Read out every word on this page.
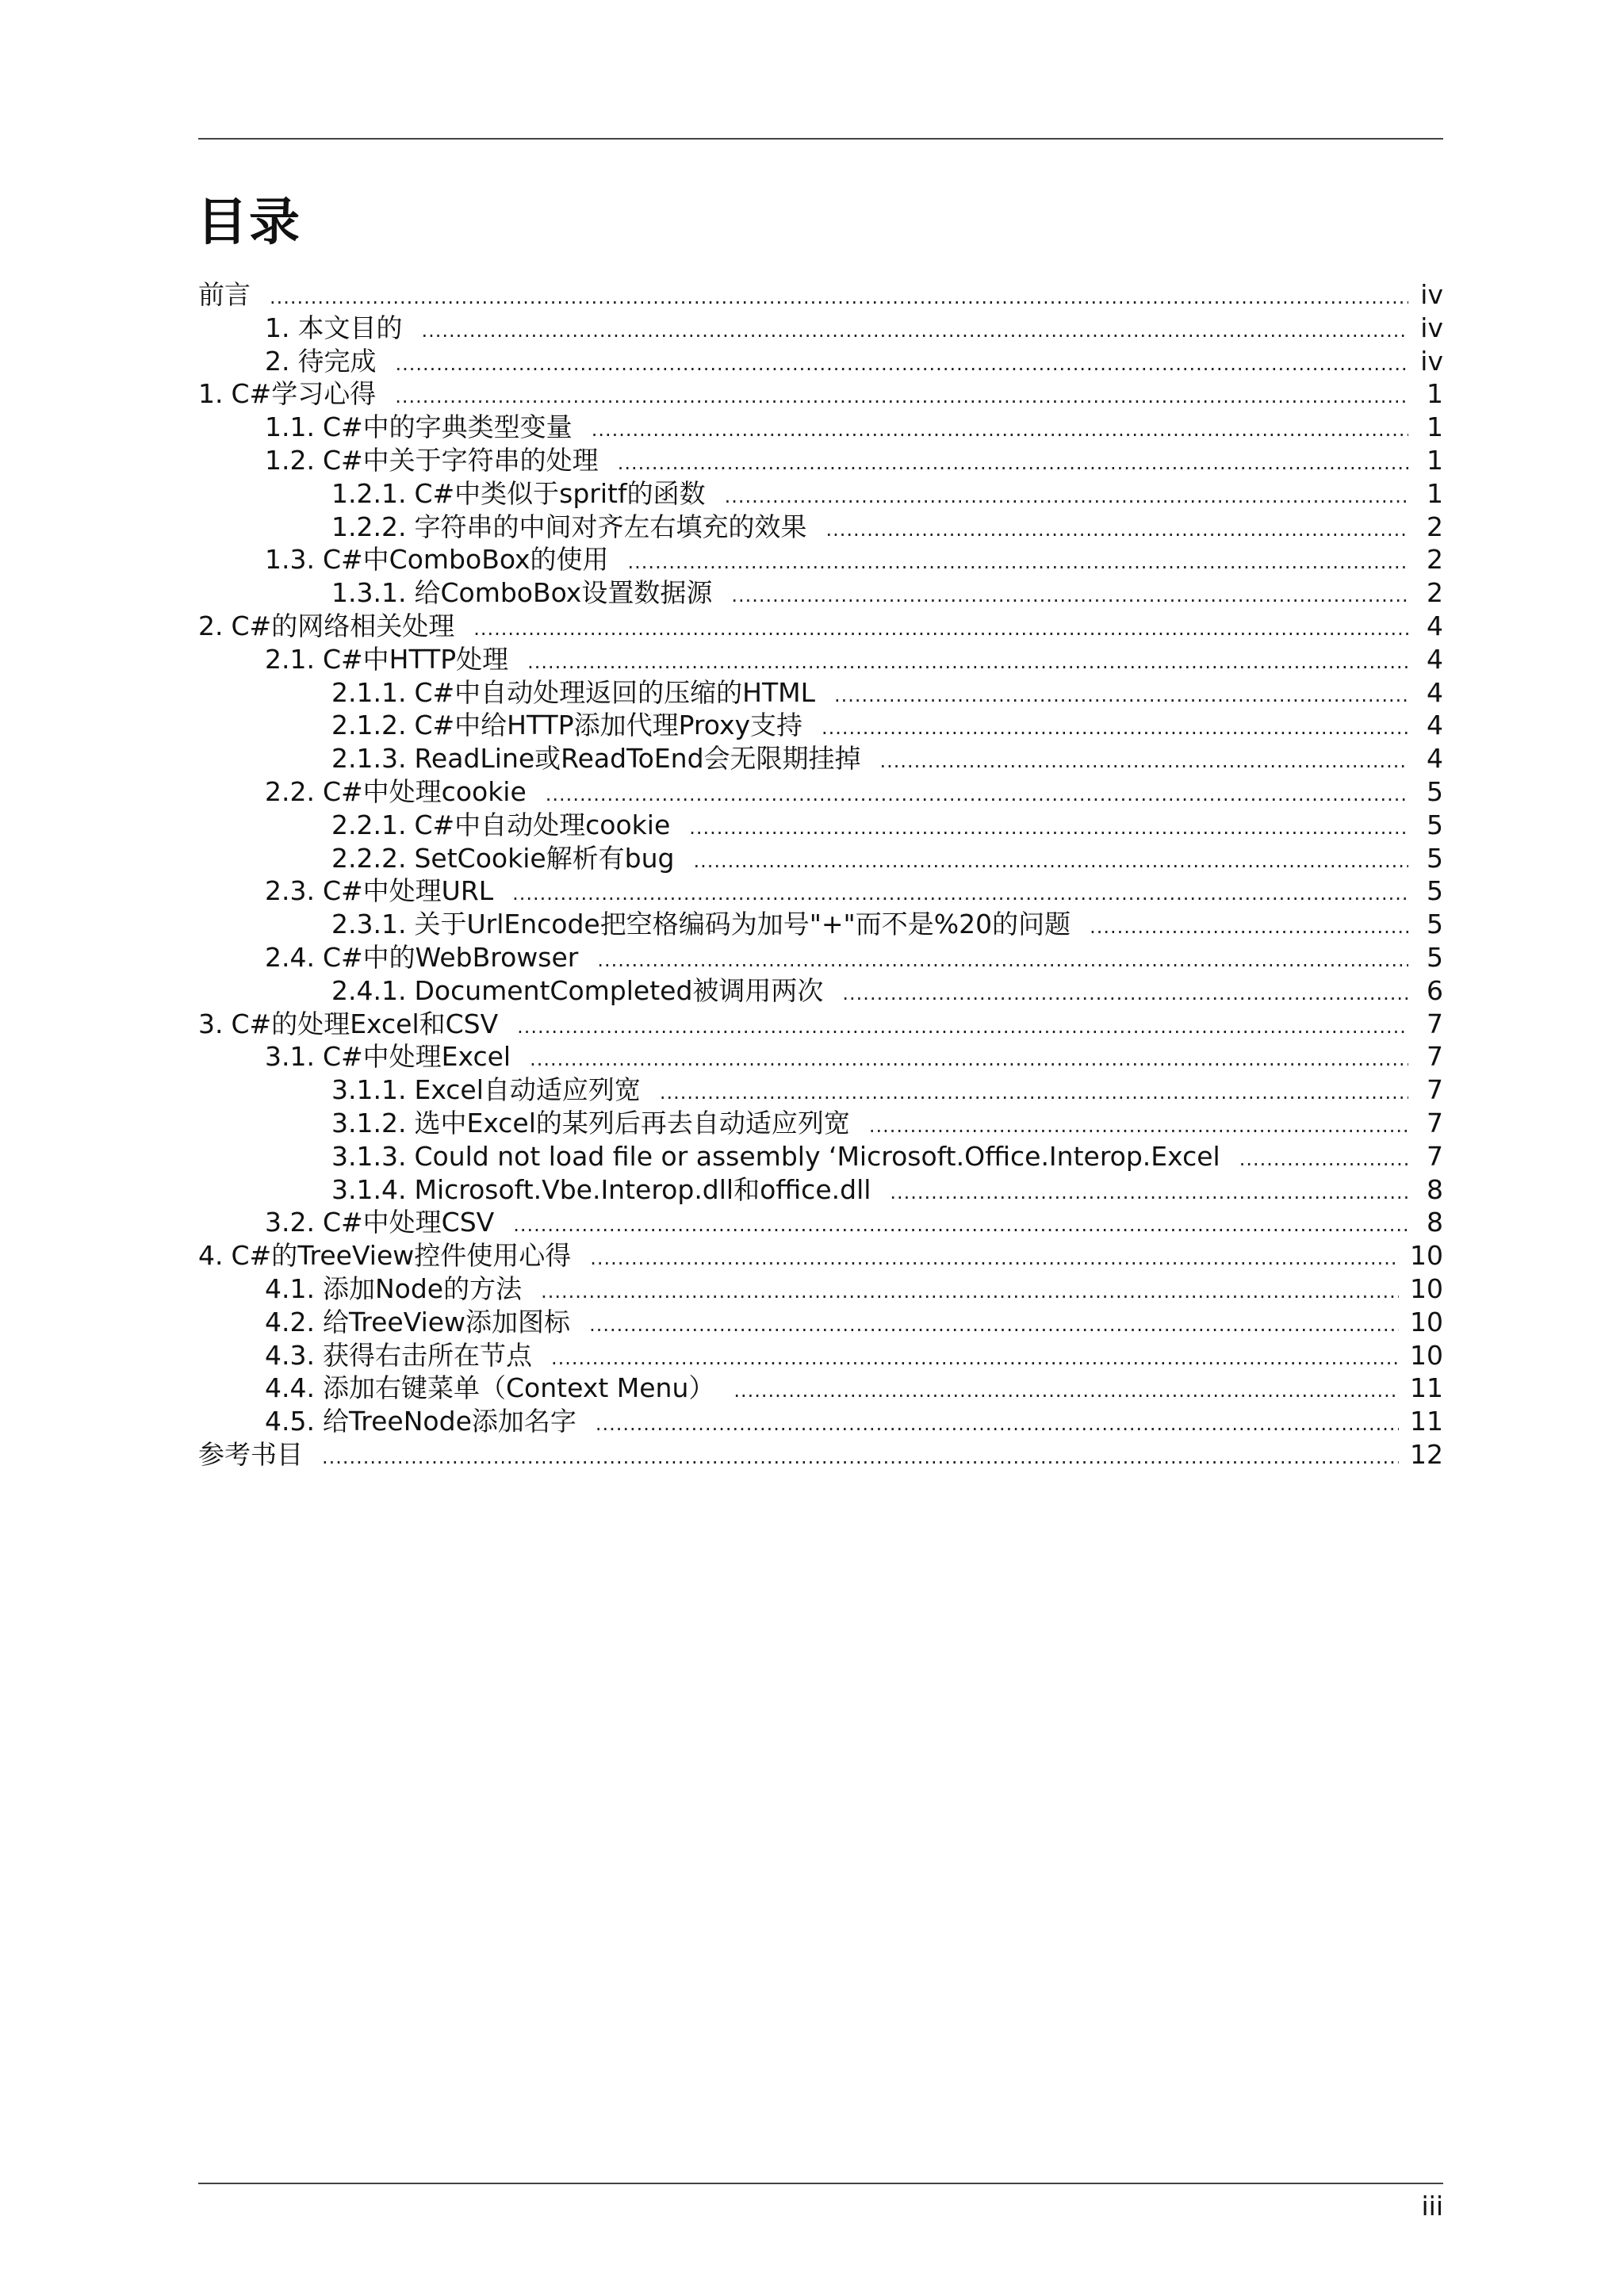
目录
前言 .....	iv
1. 本文目的 .....	iv
2. 待完成 .....	iv
1. C#学习心得 .....	1
1.1. C#中的字典类型变量 .....	1
1.2. C#中关于字符串的处理 .....	1
1.2.1. C#中类似于spritf的函数 .....	1
1.2.2. 字符串的中间对齐左右填充的效果 .....	2
1.3. C#中ComboBox的使用 .....	2
1.3.1. 给ComboBox设置数据源 .....	2
2. C#的网络相关处理 .....	4
2.1. C#中HTTP处理 .....	4
2.1.1. C#中自动处理返回的压缩的HTML .....	4
2.1.2. C#中给HTTP添加代理Proxy支持 .....	4
2.1.3. ReadLine或ReadToEnd会无限期挂掉 .....	4
2.2. C#中处理cookie .....	5
2.2.1. C#中自动处理cookie .....	5
2.2.2. SetCookie解析有bug .....	5
2.3. C#中处理URL .....	5
2.3.1. 关于UrlEncode把空格编码为加号"+"而不是%20的问题 .....	5
2.4. C#中的WebBrowser .....	5
2.4.1. DocumentCompleted被调用两次 .....	6
3. C#的处理Excel和CSV .....	7
3.1. C#中处理Excel .....	7
3.1.1. Excel自动适应列宽 .....	7
3.1.2. 选中Excel的某列后再去自动适应列宽 .....	7
3.1.3. Could not load file or assembly ‘Microsoft.Office.Interop.Excel .....	7
3.1.4. Microsoft.Vbe.Interop.dll和office.dll .....	8
3.2. C#中处理CSV .....	8
4. C#的TreeView控件使用心得 .....	10
4.1. 添加Node的方法 .....	10
4.2. 给TreeView添加图标 .....	10
4.3. 获得右击所在节点 .....	10
4.4. 添加右键菜单（Context Menu） .....	11
4.5. 给TreeNode添加名字 .....	11
参考书目 .....	12
iii
